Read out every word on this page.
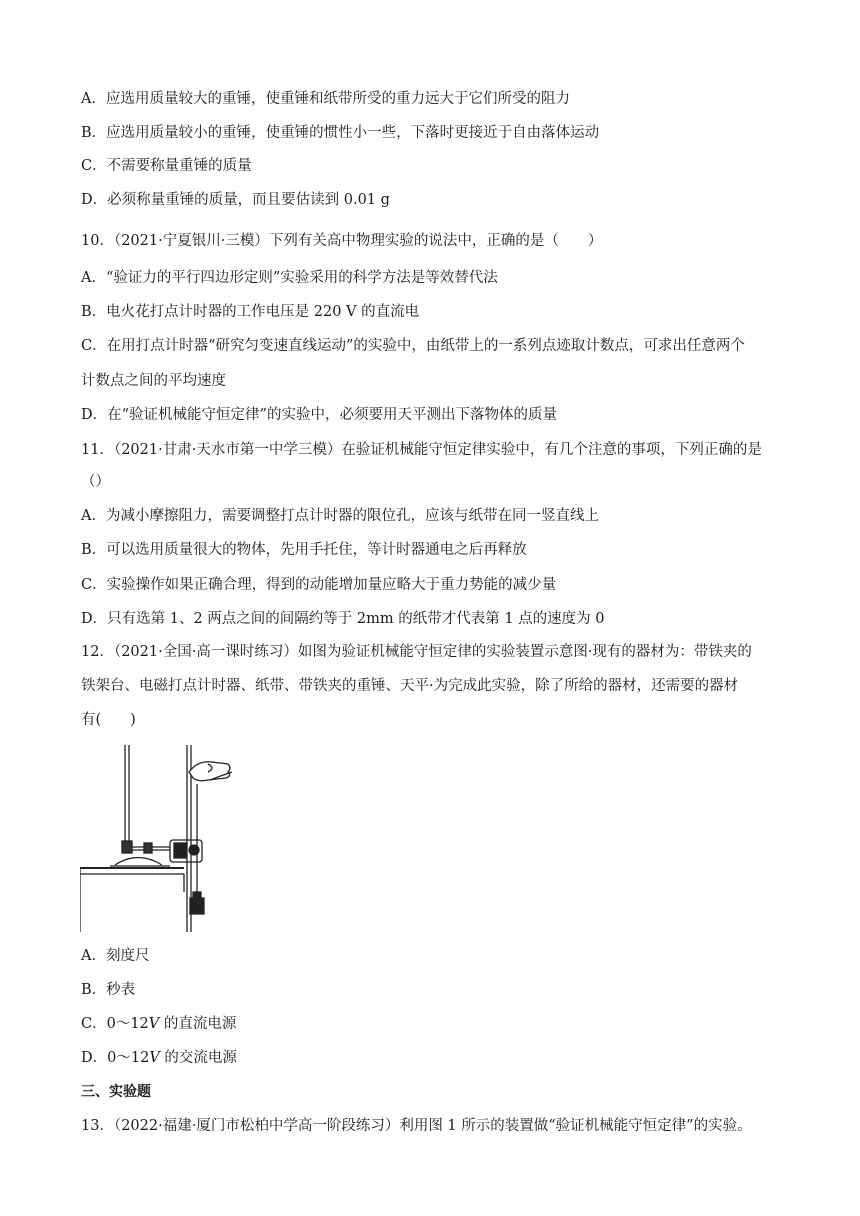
A．应选用质量较大的重锤，使重锤和纸带所受的重力远大于它们所受的阻力
B．应选用质量较小的重锤，使重锤的惯性小一些，下落时更接近于自由落体运动
C．不需要称量重锤的质量
D．必须称量重锤的质量，而且要估读到 0.01 g
10．（2021·宁夏银川·三模）下列有关高中物理实验的说法中，正确的是（　　）
A．“验证力的平行四边形定则”实验采用的科学方法是等效替代法
B．电火花打点计时器的工作电压是 220 V 的直流电
C．在用打点计时器“研究匀变速直线运动”的实验中，由纸带上的一系列点迹取计数点，可求出任意两个
计数点之间的平均速度
D．在“验证机械能守恒定律”的实验中，必须要用天平测出下落物体的质量
11．（2021·甘肃·天水市第一中学三模）在验证机械能守恒定律实验中，有几个注意的事项，下列正确的是
（）
A．为减小摩擦阻力，需要调整打点计时器的限位孔，应该与纸带在同一竖直线上
B．可以选用质量很大的物体，先用手托住，等计时器通电之后再释放
C．实验操作如果正确合理，得到的动能增加量应略大于重力势能的减少量
D．只有选第 1、2 两点之间的间隔约等于 2mm 的纸带才代表第 1 点的速度为 0
12．（2021·全国·高一课时练习）如图为验证机械能守恒定律的实验装置示意图·现有的器材为：带铁夹的
铁架台、电磁打点计时器、纸带、带铁夹的重锤、天平·为完成此实验，除了所给的器材，还需要的器材
有(　　)
A．刻度尺
B．秒表
C．0～12V 的直流电源
D．0～12V 的交流电源
三、实验题
13．（2022·福建·厦门市松柏中学高一阶段练习）利用图 1 所示的装置做“验证机械能守恒定律”的实验。
